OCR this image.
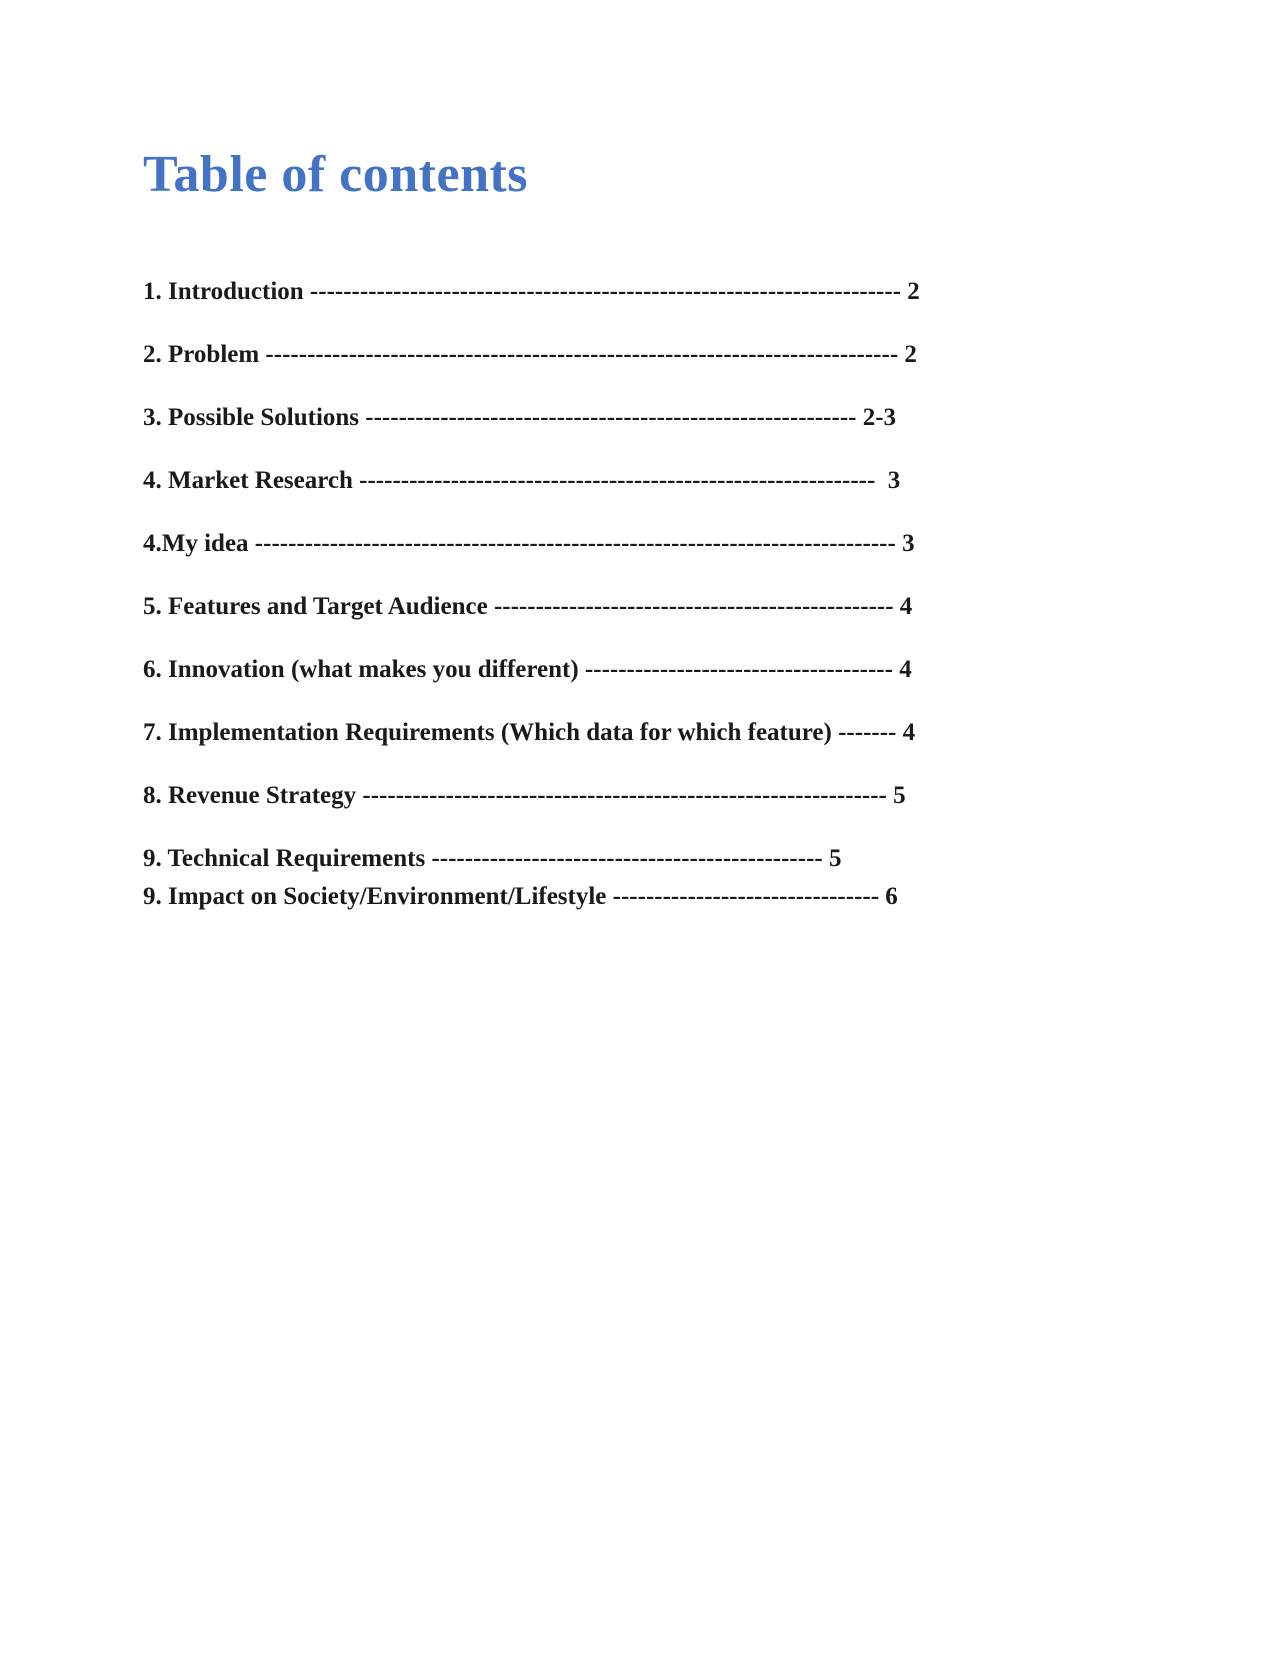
Table of contents
1. Introduction ----------------------------------------------------------------------- 2
2. Problem ---------------------------------------------------------------------------- 2
3. Possible Solutions ----------------------------------------------------------- 2-3
4. Market Research --------------------------------------------------------------  3
4.My idea ----------------------------------------------------------------------------- 3
5. Features and Target Audience ------------------------------------------------ 4
6. Innovation (what makes you different) ------------------------------------- 4
7. Implementation Requirements (Which data for which feature) ------- 4
8. Revenue Strategy --------------------------------------------------------------- 5
9. Technical Requirements ----------------------------------------------- 5
9. Impact on Society/Environment/Lifestyle -------------------------------- 6
